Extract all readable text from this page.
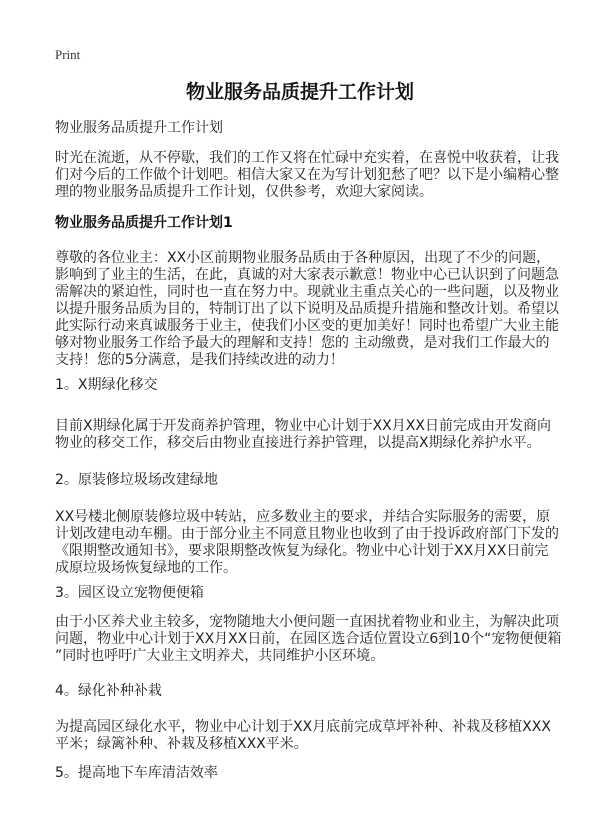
Print
物业服务品质提升工作计划
物业服务品质提升工作计划
时光在流逝，从不停歇，我们的工作又将在忙碌中充实着，在喜悦中收获着，让我
们对今后的工作做个计划吧。相信大家又在为写计划犯愁了吧？以下是小编精心整
理的物业服务品质提升工作计划，仅供参考，欢迎大家阅读。
物业服务品质提升工作计划1
尊敬的各位业主：XX小区前期物业服务品质由于各种原因，出现了不少的问题，
影响到了业主的生活，在此，真诚的对大家表示歉意！物业中心已认识到了问题急
需解决的紧迫性，同时也一直在努力中。现就业主重点关心的一些问题，以及物业
以提升服务品质为目的，特制订出了以下说明及品质提升措施和整改计划。希望以
此实际行动来真诚服务于业主，使我们小区变的更加美好！同时也希望广大业主能
够对物业服务工作给予最大的理解和支持！您的 主动缴费，是对我们工作最大的
支持！您的5分满意，是我们持续改进的动力！
1。X期绿化移交
目前X期绿化属于开发商养护管理，物业中心计划于XX月XX日前完成由开发商向
物业的移交工作，移交后由物业直接进行养护管理，以提高X期绿化养护水平。
2。原装修垃圾场改建绿地
XX号楼北侧原装修垃圾中转站，应多数业主的要求，并结合实际服务的需要，原
计划改建电动车棚。由于部分业主不同意且物业也收到了由于投诉政府部门下发的
《限期整改通知书》，要求限期整改恢复为绿化。物业中心计划于XX月XX日前完
成原垃圾场恢复绿地的工作。
3。园区设立宠物便便箱
由于小区养犬业主较多，宠物随地大小便问题一直困扰着物业和业主，为解决此项
问题，物业中心计划于XX月XX日前，在园区选合适位置设立6到10个“宠物便便箱
”同时也呼吁广大业主文明养犬，共同维护小区环境。
4。绿化补种补栽
为提高园区绿化水平，物业中心计划于XX月底前完成草坪补种、补栽及移植XXX
平米；绿篱补种、补栽及移植XXX平米。
5。提高地下车库清洁效率
